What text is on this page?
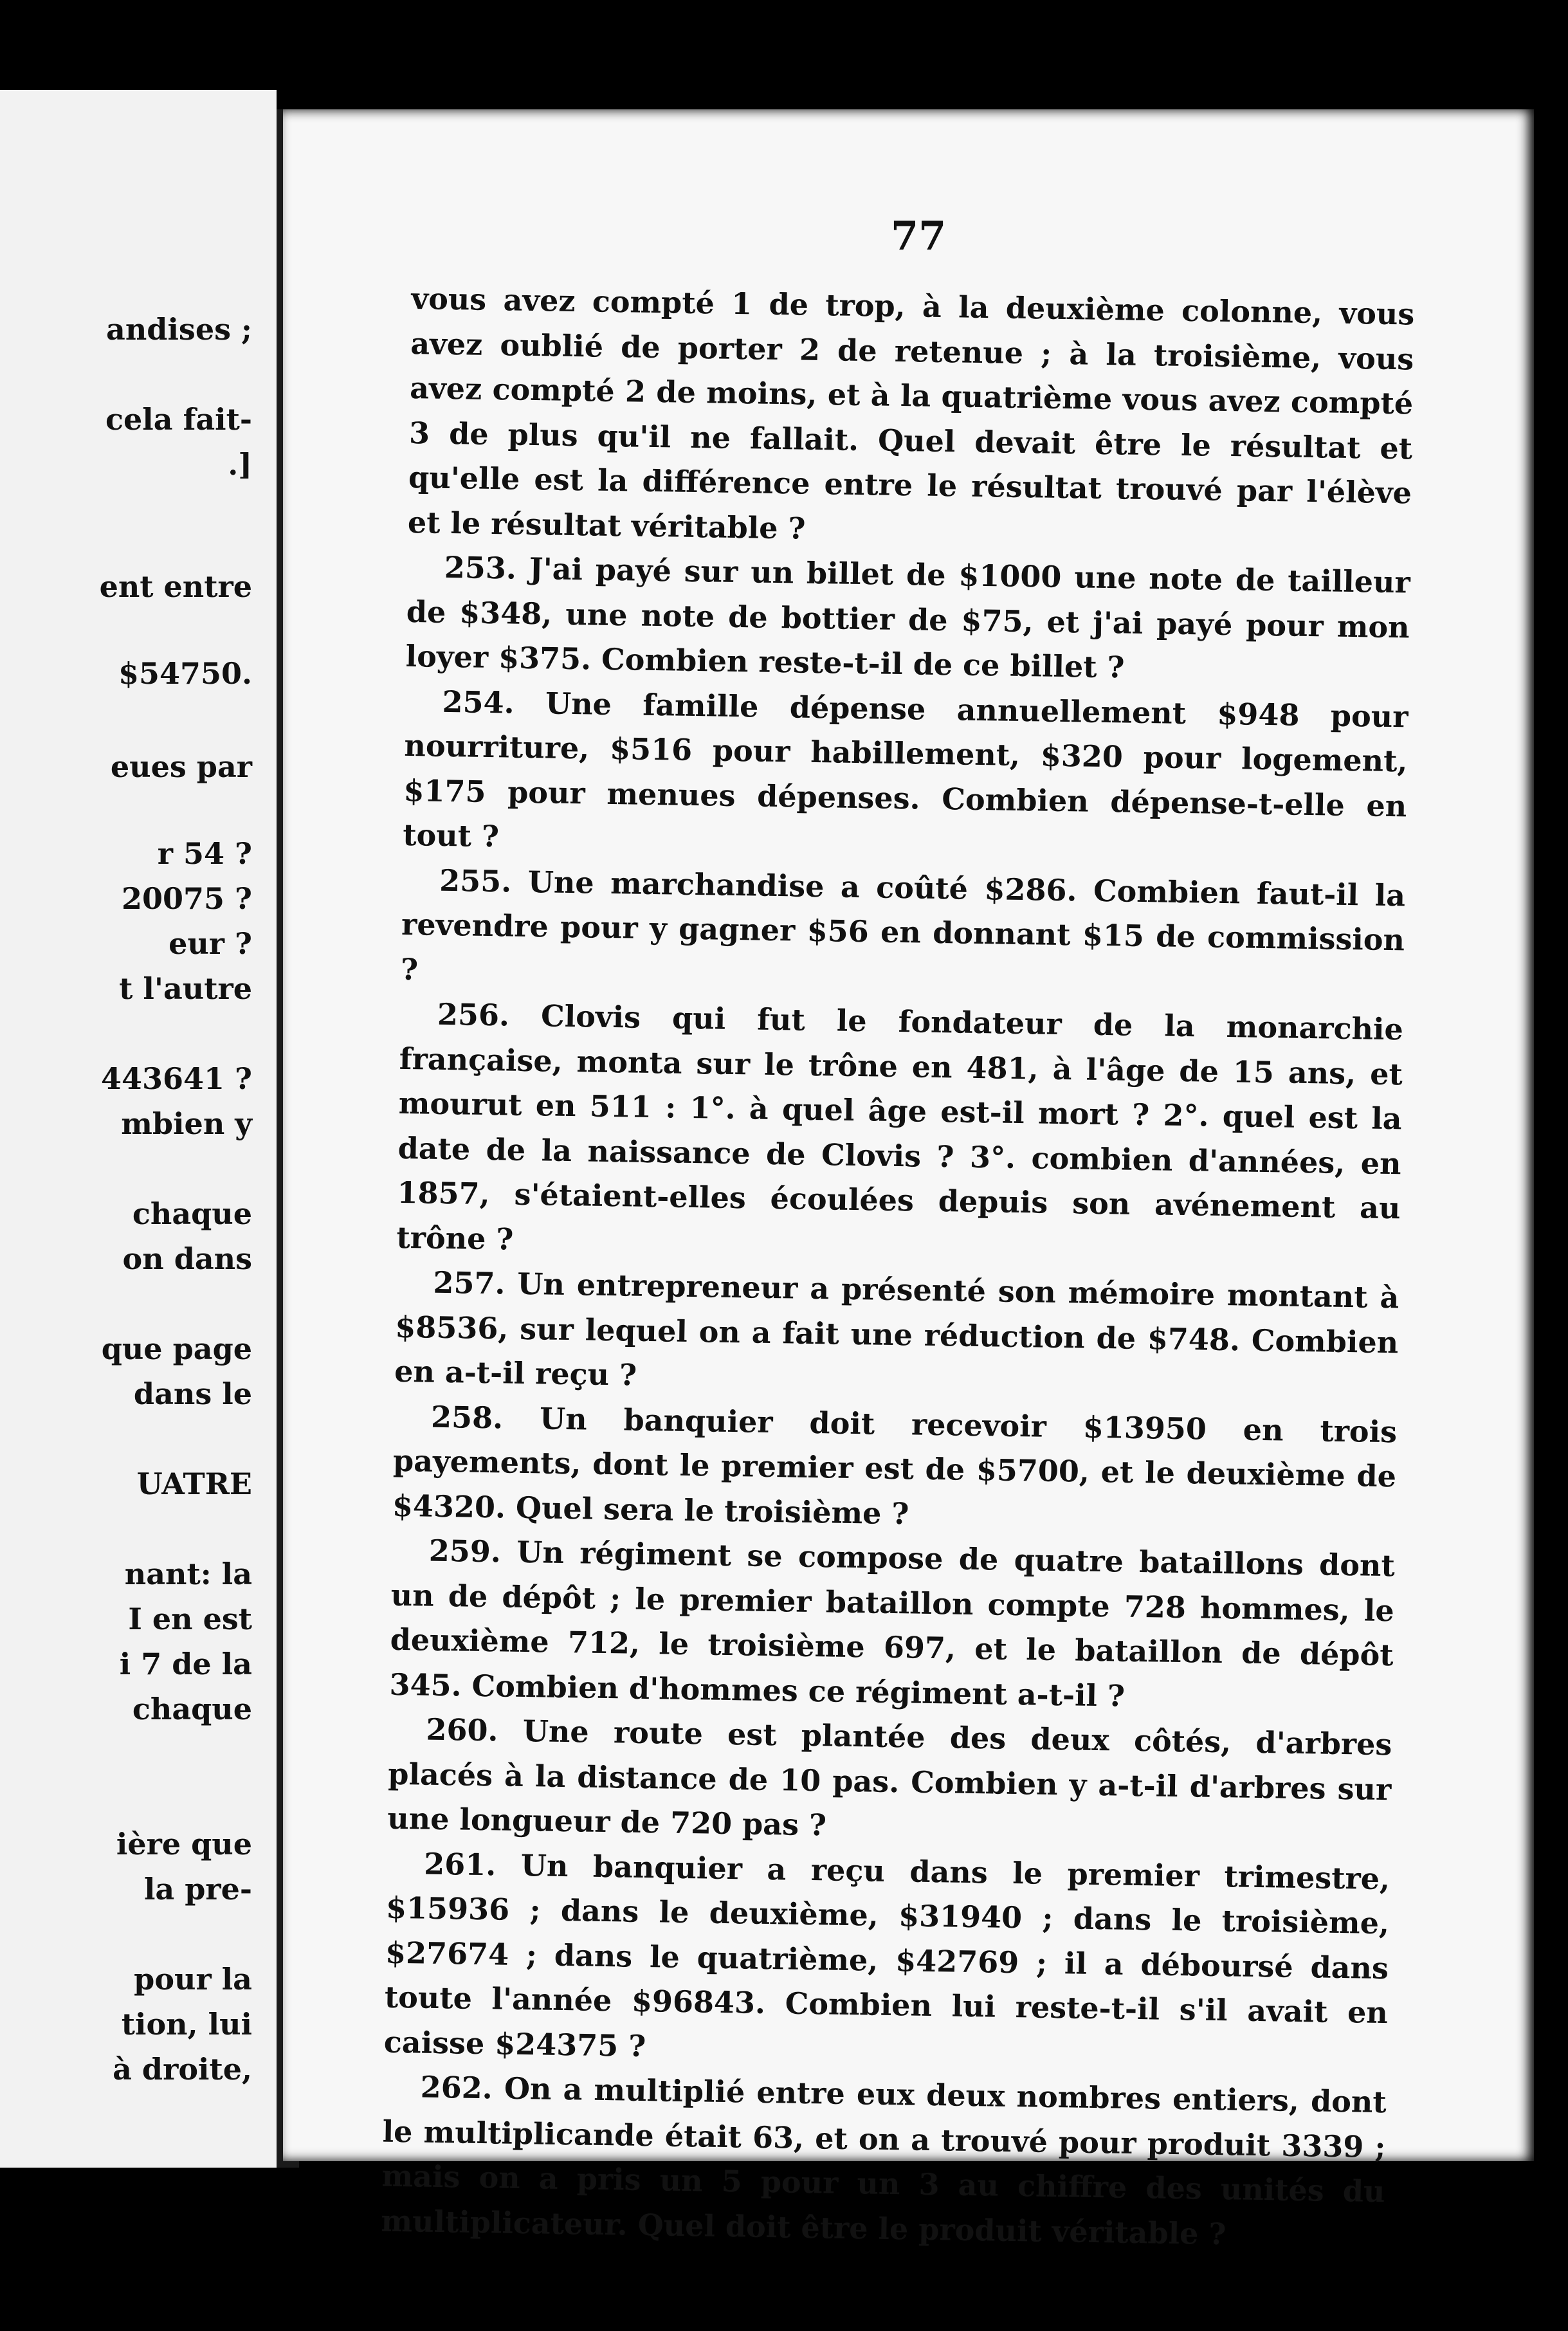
andises ;
cela fait-
.]
ent entre
$54750.
eues par
r 54 ?
20075 ?
eur ?
t l'autre
443641 ?
mbien y
chaque
on dans
que page
dans le
UATRE
nant: la
I en est
i 7 de la
chaque
ière que
la pre-
pour la
tion, lui
à droite,
77

vous avez compté 1 de trop, à la deuxième colonne, vous avez oublié de porter 2 de retenue ; à la troisième, vous avez compté 2 de moins, et à la quatrième vous avez compté 3 de plus qu'il ne fallait. Quel devait être le résultat et qu'elle est la différence entre le résultat trouvé par l'élève et le résultat véritable ?

253. J'ai payé sur un billet de $1000 une note de tailleur de $348, une note de bottier de $75, et j'ai payé pour mon loyer $375. Combien reste-t-il de ce billet ?

254. Une famille dépense annuellement $948 pour nourriture, $516 pour habillement, $320 pour logement, $175 pour menues dépenses. Combien dépense-t-elle en tout ?

255. Une marchandise a coûté $286. Combien faut-il la revendre pour y gagner $56 en donnant $15 de commission ?

256. Clovis qui fut le fondateur de la monarchie française, monta sur le trône en 481, à l'âge de 15 ans, et mourut en 511 : 1°. à quel âge est-il mort ? 2°. quel est la date de la naissance de Clovis ? 3°. combien d'années, en 1857, s'étaient-elles écoulées depuis son avénement au trône ?

257. Un entrepreneur a présenté son mémoire montant à $8536, sur lequel on a fait une réduction de $748. Combien en a-t-il reçu ?

258. Un banquier doit recevoir $13950 en trois payements, dont le premier est de $5700, et le deuxième de $4320. Quel sera le troisième ?

259. Un régiment se compose de quatre bataillons dont un de dépôt ; le premier bataillon compte 728 hommes, le deuxième 712, le troisième 697, et le bataillon de dépôt 345. Combien d'hommes ce régiment a-t-il ?

260. Une route est plantée des deux côtés, d'arbres placés à la distance de 10 pas. Combien y a-t-il d'arbres sur une longueur de 720 pas ?

261. Un banquier a reçu dans le premier trimestre, $15936 ; dans le deuxième, $31940 ; dans le troisième, $27674 ; dans le quatrième, $42769 ; il a déboursé dans toute l'année $96843. Combien lui reste-t-il s'il avait en caisse $24375 ?

262. On a multiplié entre eux deux nombres entiers, dont le multiplicande était 63, et on a trouvé pour produit 3339 ; mais on a pris un 5 pour un 3 au chiffre des unités du multiplicateur. Quel doit être le produit véritable ?
